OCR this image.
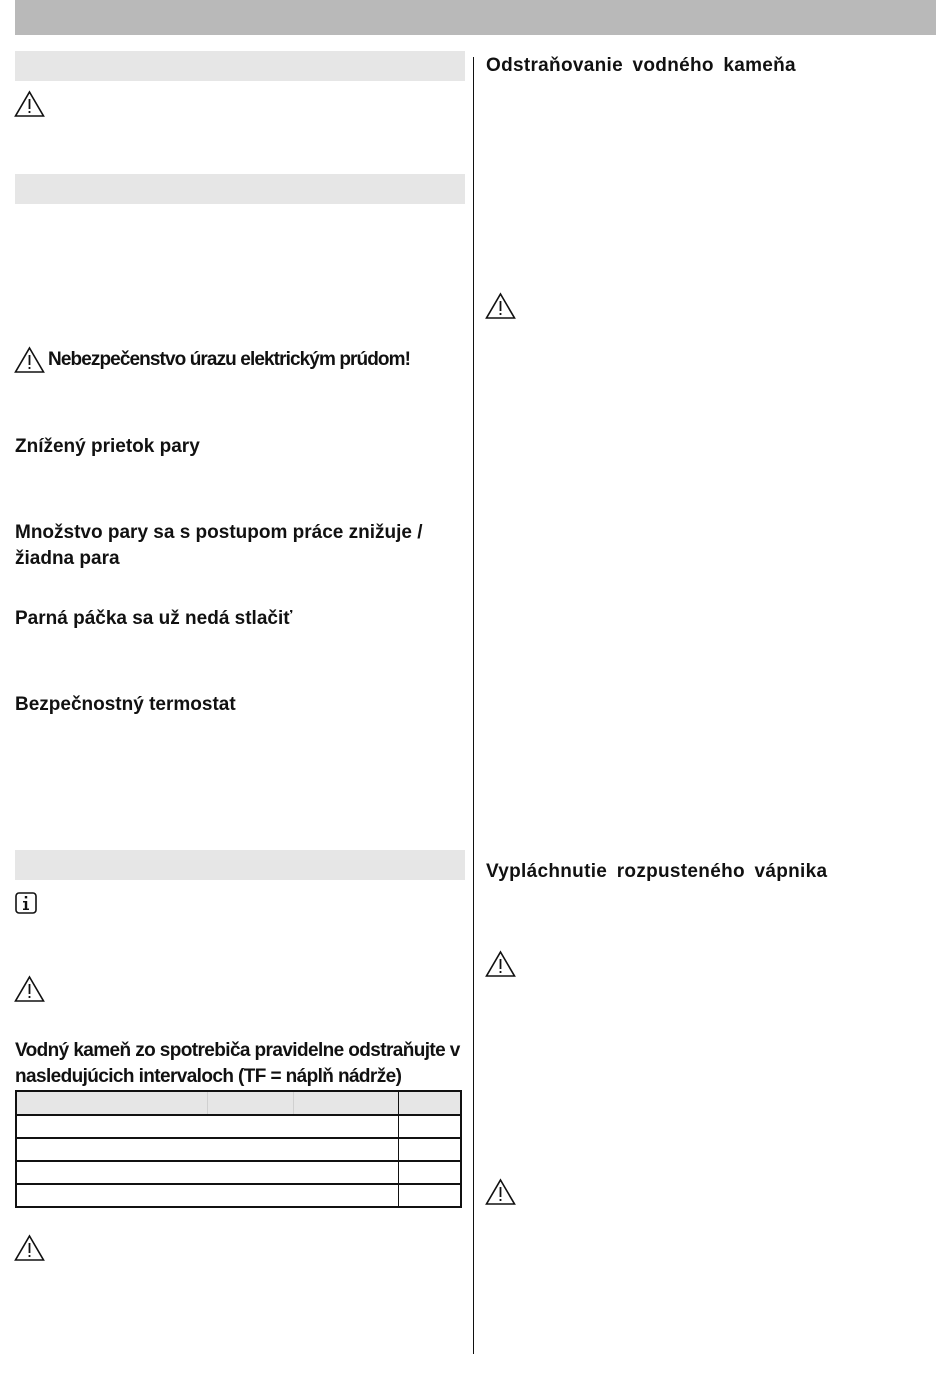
Nebezpečenstvo úrazu elektrickým prúdom!
Znížený prietok pary
Množstvo pary sa s postupom práce znižuje / žiadna para
Parná páčka sa už nedá stlačiť
Bezpečnostný termostat
Vodný kameň zo spotrebiča pravidelne odstraňujte v nasledujúcich intervaloch (TF = náplň nádrže)

Odstraňovanie vodného kameňa
Vypláchnutie rozpusteného vápnika
